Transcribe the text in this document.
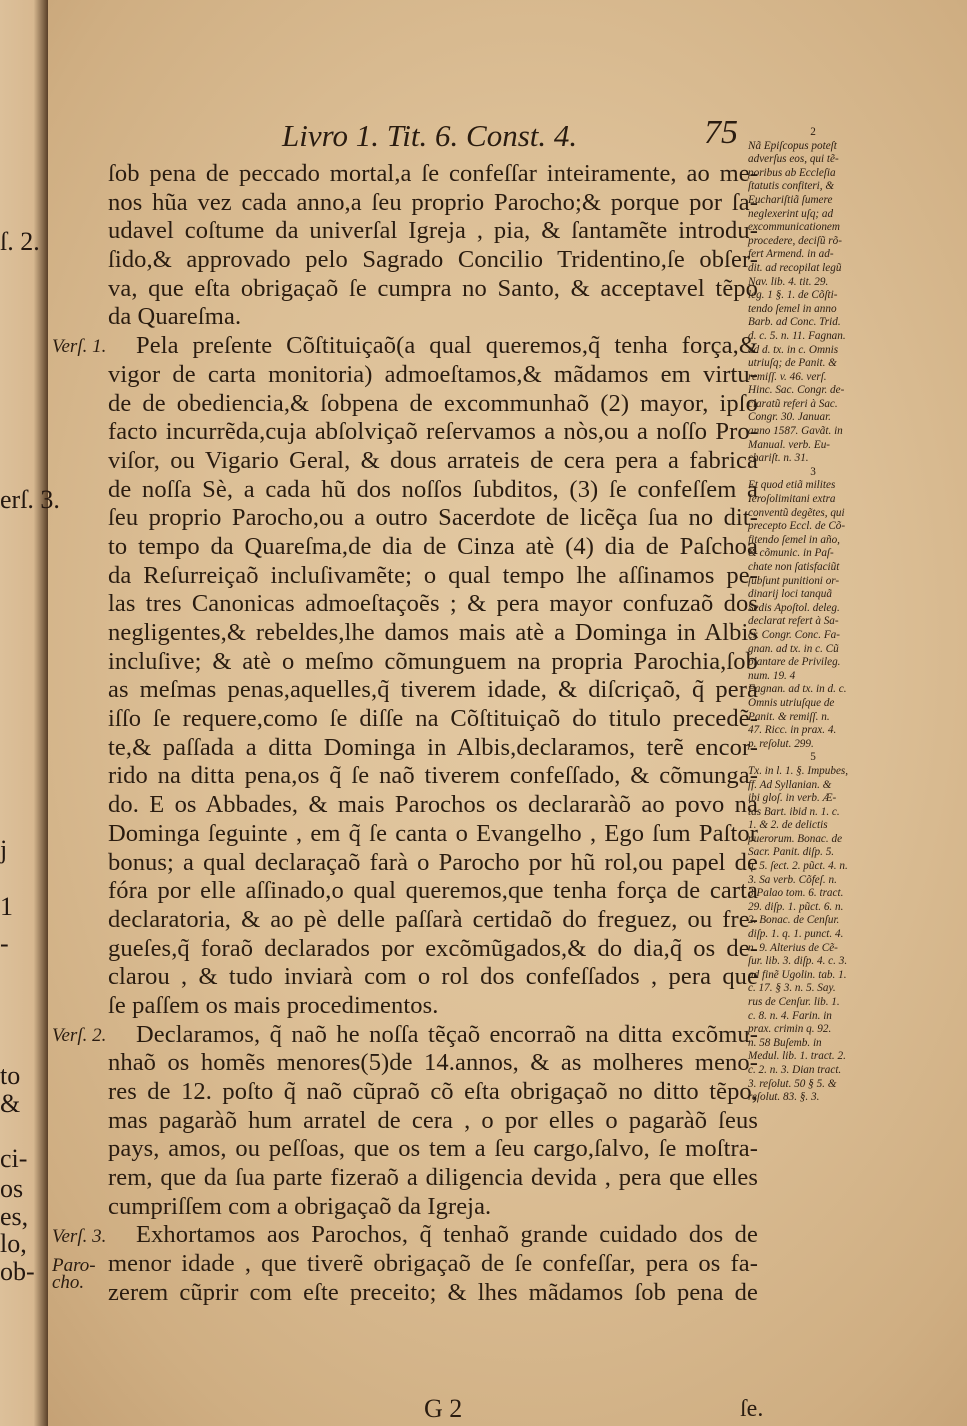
ſ. 2.
erſ. 3.
j
1
-
to
&
ci-
os
es,
lo,
ob-
Livro 1. Tit. 6. Const. 4.	75
ſob pena de peccado mortal,a ſe confeſſar inteiramente, ao me-
nos hũa vez cada anno,a ſeu proprio Parocho;& porque por ſa-
udavel coſtume da univerſal Igreja , pia, & ſantamẽte introdu-
ſido,& approvado pelo Sagrado Concilio Tridentino,ſe obſer-
va, que eſta obrigaçaõ ſe cumpra no Santo, & acceptavel tẽpo
da Quareſma.
Pela preſente Cõſtituiçaõ(a qual queremos,q̃ tenha força,&
vigor de carta monitoria) admoeſtamos,& mãdamos em virtu-
de de obediencia,& ſobpena de excommunhaõ (2) mayor, ipſo
facto incurrẽda,cuja abſolviçaõ reſervamos a nòs,ou a noſſo Pro-
viſor, ou Vigario Geral, & dous arrateis de cera pera a fabrica
de noſſa Sè, a cada hũ dos noſſos ſubditos, (3) ſe confeſſem a
ſeu proprio Parocho,ou a outro Sacerdote de licẽça ſua no dit-
to tempo da Quareſma,de dia de Cinza atè (4) dia de Paſchoa
da Reſurreiçaõ incluſivamẽte; o qual tempo lhe aſſinamos pe-
las tres Canonicas admoeſtaçoẽs ; & pera mayor confuzaõ dos
negligentes,& rebeldes,lhe damos mais atè a Dominga in Albis
incluſive; & atè o meſmo cõmunguem na propria Parochia,ſob
as meſmas penas,aquelles,q̃ tiverem idade, & diſcriçaõ, q̃ pera
iſſo ſe requere,como ſe diſſe na Cõſtituiçaõ do titulo precedẽ-
te,& paſſada a ditta Dominga in Albis,declaramos, terẽ encor-
rido na ditta pena,os q̃ ſe naõ tiverem confeſſado, & cõmunga-
do. E os Abbades, & mais Parochos os declararàõ ao povo na
Dominga ſeguinte , em q̃ ſe canta o Evangelho , Ego ſum Paſtor
bonus; a qual declaraçaõ farà o Parocho por hũ rol,ou papel de
fóra por elle aſſinado,o qual queremos,que tenha força de carta
declaratoria, & ao pè delle paſſarà certidaõ do freguez, ou fre-
gueſes,q̃ foraõ declarados por excõmũgados,& do dia,q̃ os de-
clarou , & tudo inviarà com o rol dos confeſſados , pera que
ſe paſſem os mais procedimentos.
Declaramos, q̃ naõ he noſſa tẽçaõ encorraõ na ditta excõmu-
nhaõ os homẽs menores(5)de 14.annos, & as molheres meno-
res de 12. poſto q̃ naõ cũpraõ cõ eſta obrigaçaõ no ditto tẽpo,
mas pagaràõ hum arratel de cera , o por elles o pagaràõ ſeus
pays, amos, ou peſſoas, que os tem a ſeu cargo,ſalvo, ſe moſtra-
rem, que da ſua parte fizeraõ a diligencia devida , pera que elles
cumpriſſem com a obrigaçaõ da Igreja.
Exhortamos aos Parochos, q̃ tenhaõ grande cuidado dos de
menor idade , que tiverẽ obrigaçaõ de ſe confeſſar, pera os fa-
zerem cũprir com eſte preceito; & lhes mãdamos ſob pena de
Verſ. 1.
Verſ. 2.
Verſ. 3.
Paro-
cho.
2
Nã Epiſcopus poteſt
adverſus eos, qui tẽ-
poribus ab Eccleſia
ſtatutis confiteri, &
Euchariſtiã ſumere
neglexerint uſq; ad
excommunicationem
procedere, deciſũ rõ-
fert Armend. in ad-
dit. ad recopilat legũ
Nav. lib. 4. tit. 29.
leg. 1 §. 1. de Cõſti-
tendo ſemel in anno
Barb. ad Conc. Trid.
d. c. 5. n. 11. Fagnan.
ad d. tx. in c. Omnis
utriuſq; de Panit. &
remiſſ. v. 46. verſ.
Hinc. Sac. Congr. de-
claratũ referi à Sac.
Congr. 30. Januar.
anno 1587. Gavãt. in
Manual. verb. Eu-
chariſt. n. 31.
3
Et quod etiã milites
Ieroſolimitani extra
conventũ degẽtes, qui
precepto Eccl. de Cõ-
fitendo ſemel in año,
& cõmunic. in Paſ-
chate non ſatisfaciũt
ſubſunt punitioni or-
dinarij loci tanquã
Sedis Apoſtol. deleg.
declarat refert à Sa-
cr. Congr. Conc. Fa-
gnan. ad tx. in c. Cũ
plantare de Privileg.
num. 19. 4
Fagnan. ad tx. in d. c.
Omnis utriuſque de
Panit. & remiſſ. n.
47. Ricc. in prax. 4.
p. reſolut. 299.
5
Tx. in l. 1. §. Impubes,
ff. Ad Syllanian. &
ibi gloſ. in verb. Æ-
tas Bart. ibid n. 1. c.
1. & 2. de delictis
puerorum. Bonac. de
Sacr. Panit. diſp. 5.
q. 5. ſect. 2. pũct. 4. n.
3. Sa verb. Cõfeſ. n.
3 Palao tom. 6. tract.
29. diſp. 1. pũct. 6. n.
2. Bonac. de Cenſur.
diſp. 1. q. 1. punct. 4.
n. 9. Alterius de Cẽ-
ſur. lib. 3. diſp. 4. c. 3.
ad finẽ Ugolin. tab. 1.
c. 17. § 3. n. 5. Say.
rus de Cenſur. lib. 1.
c. 8. n. 4. Farin. in
prax. crimin q. 92.
n. 58 Buſemb. in
Medul. lib. 1. tract. 2.
c. 2. n. 3. Dian tract.
3. reſolut. 50 § 5. &
reſolut. 83. §. 3.
G 2	ſe.
